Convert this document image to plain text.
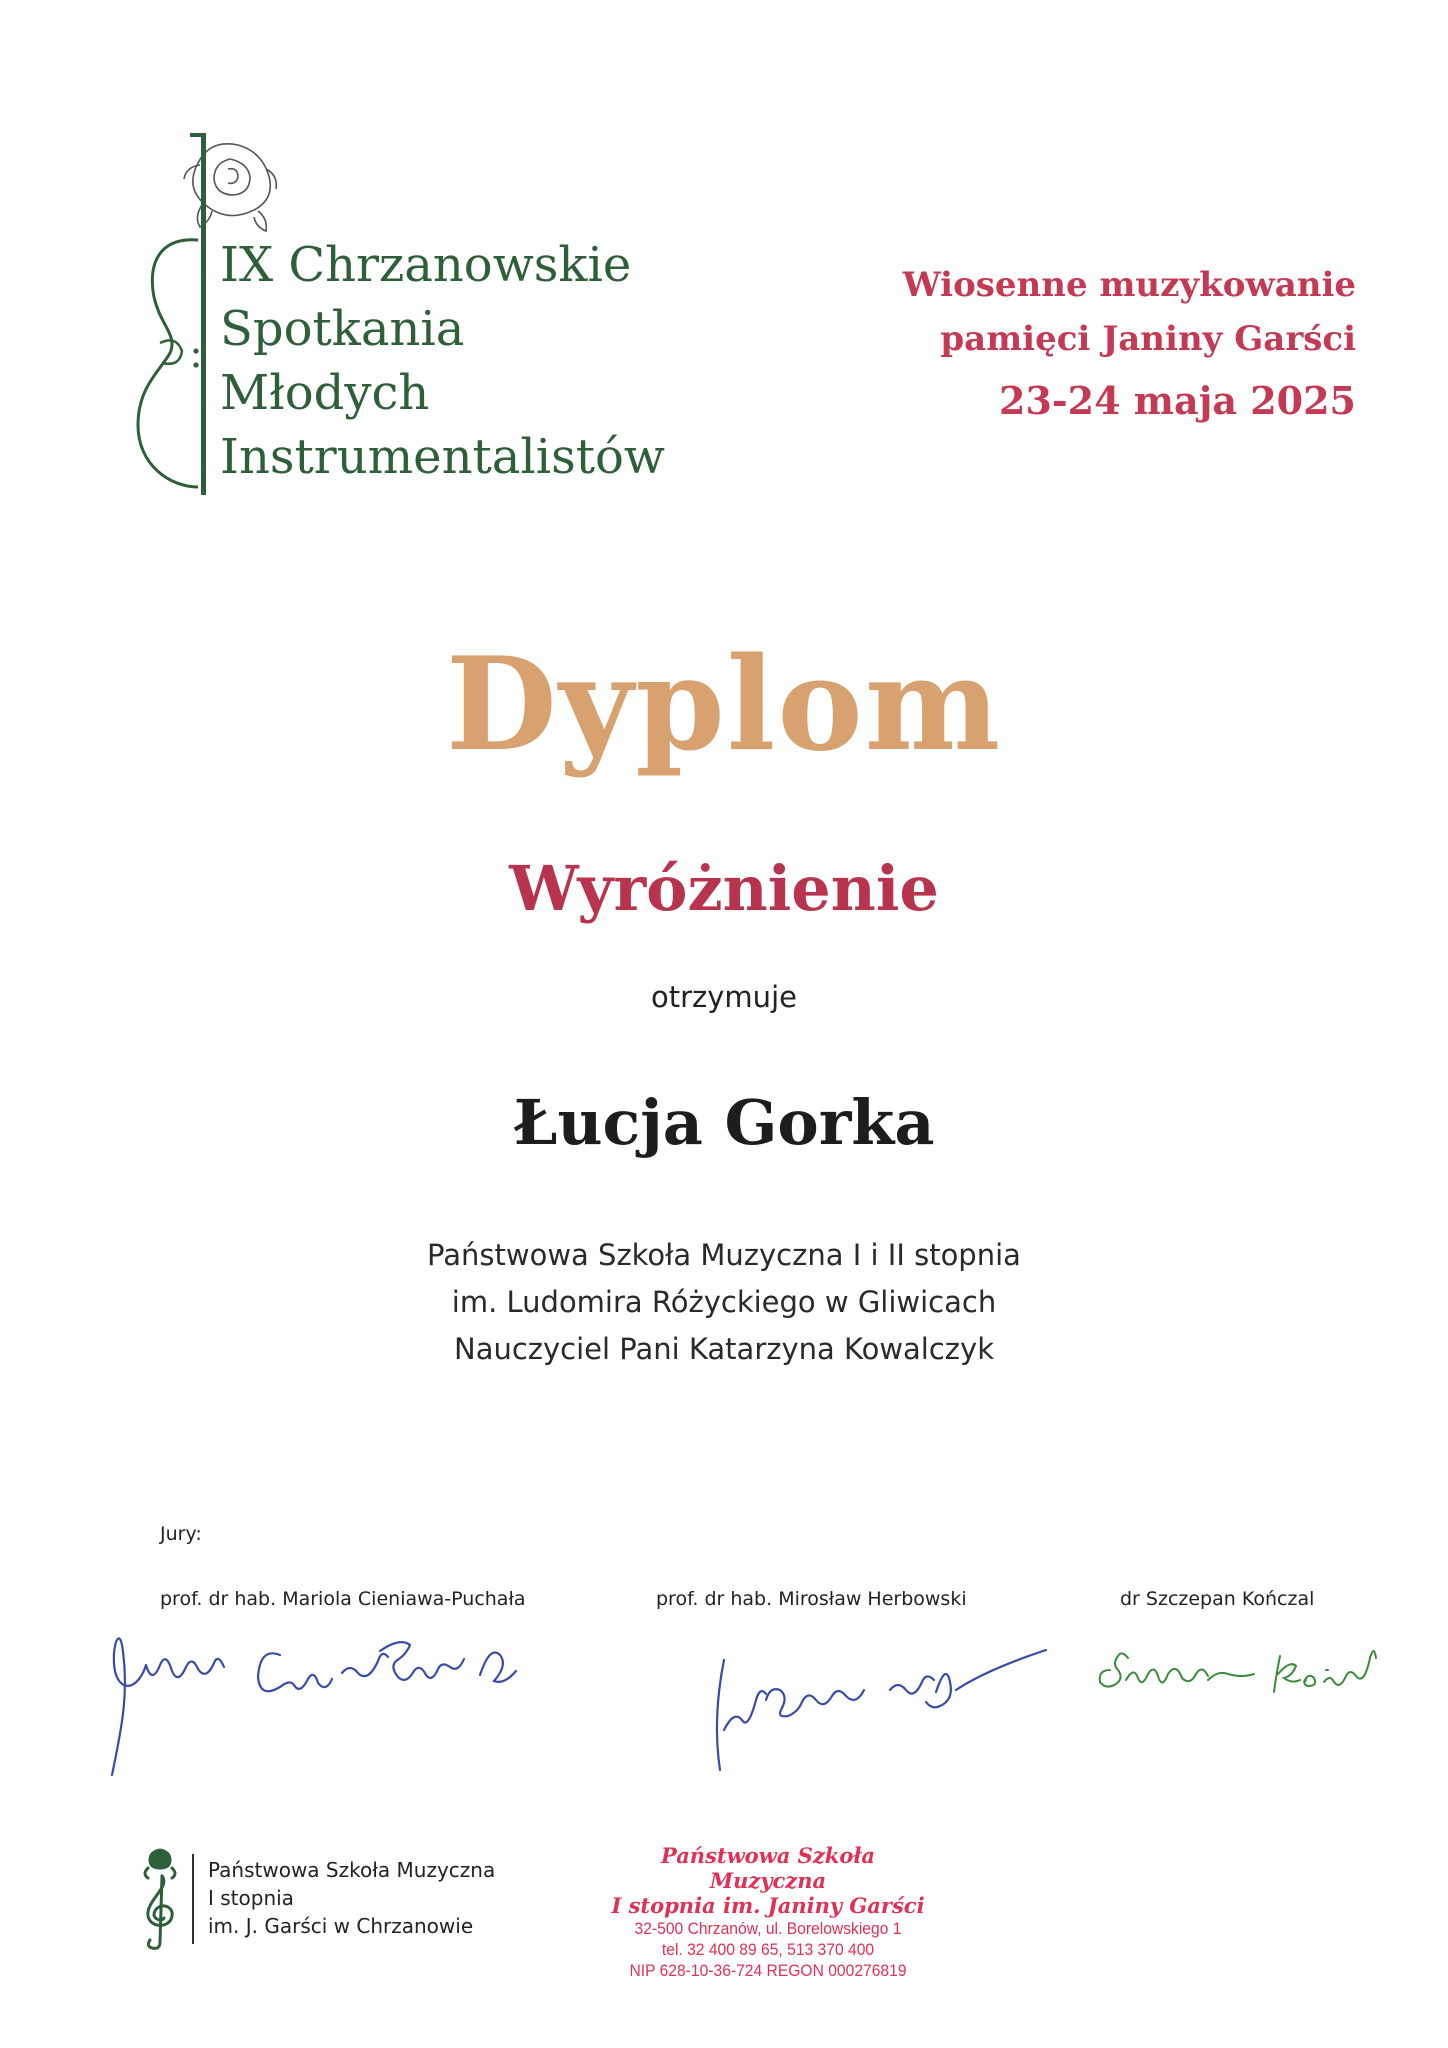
IX Chrzanowskie
Spotkania
Młodych
Instrumentalistów
Wiosenne muzykowanie
pamięci Janiny Garści
23-24 maja 2025
Dyplom
Wyróżnienie
otrzymuje
Łucja Gorka
Państwowa Szkoła Muzyczna I i II stopnia
im. Ludomira Różyckiego w Gliwicach
Nauczyciel Pani Katarzyna Kowalczyk
Jury:
prof. dr hab. Mariola Cieniawa-Puchała	prof. dr hab. Mirosław Herbowski	dr Szczepan Kończal
Państwowa Szkoła Muzyczna
I stopnia
im. J. Garści w Chrzanowie
Państwowa Szkoła Muzyczna
I stopnia im. Janiny Garści
32-500 Chrzanów, ul. Borelowskiego 1
tel. 32 400 89 65, 513 370 400
NIP 628-10-36-724 REGON 000276819
